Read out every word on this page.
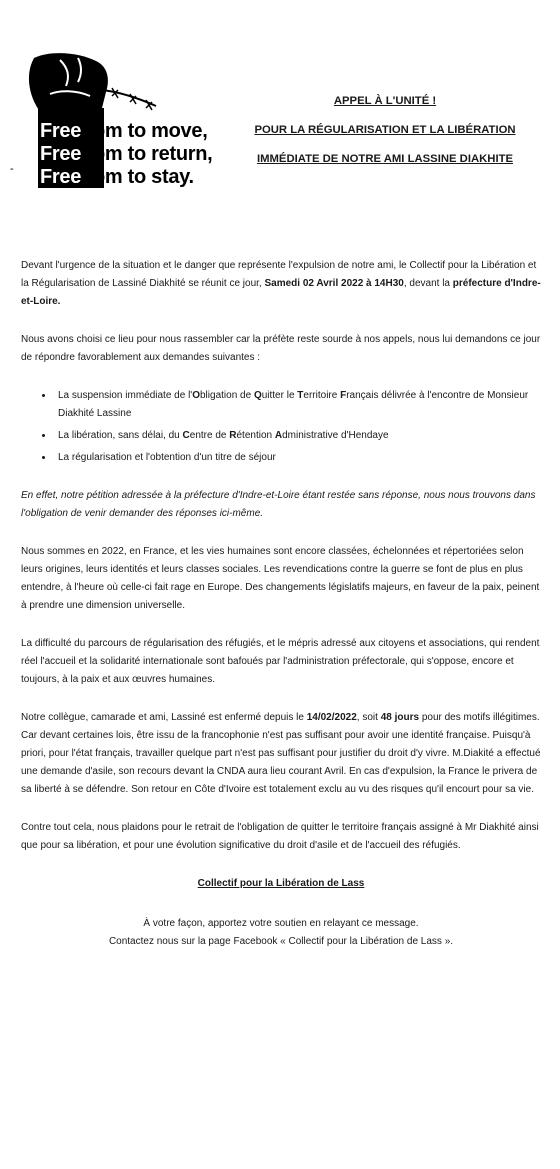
Freedom to move,
Freedom to return,
Freedom to stay.
-
APPEL À L'UNITÉ !
POUR LA RÉGULARISATION ET LA LIBÉRATION
IMMÉDIATE DE NOTRE AMI LASSINE DIAKHITE

Devant l'urgence de la situation et le danger que représente l'expulsion de notre ami, le Collectif pour la Libération et la Régularisation de Lassiné Diakhité se réunit ce jour, Samedi 02 Avril 2022 à 14H30, devant la préfecture d'Indre-et-Loire.

Nous avons choisi ce lieu pour nous rassembler car la préfète reste sourde à nos appels, nous lui demandons ce jour de répondre favorablement aux demandes suivantes :

• La suspension immédiate de l'Obligation de Quitter le Territoire Français délivrée à l'encontre de Monsieur Diakhité Lassine
• La libération, sans délai, du Centre de Rétention Administrative d'Hendaye
• La régularisation et l'obtention d'un titre de séjour

En effet, notre pétition adressée à la préfecture d'Indre-et-Loire étant restée sans réponse, nous nous trouvons dans l'obligation de venir demander des réponses ici-même.

Nous sommes en 2022, en France, et les vies humaines sont encore classées, échelonnées et répertoriées selon leurs origines, leurs identités et leurs classes sociales. Les revendications contre la guerre se font de plus en plus entendre, à l'heure où celle-ci fait rage en Europe. Des changements législatifs majeurs, en faveur de la paix, peinent à prendre une dimension universelle.

La difficulté du parcours de régularisation des réfugiés, et le mépris adressé aux citoyens et associations, qui rendent réel l'accueil et la solidarité internationale sont bafoués par l'administration préfectorale, qui s'oppose, encore et toujours, à la paix et aux œuvres humaines.

Notre collègue, camarade et ami, Lassiné est enfermé depuis le 14/02/2022, soit 48 jours pour des motifs illégitimes. Car devant certaines lois, être issu de la francophonie n'est pas suffisant pour avoir une identité française. Puisqu'à priori, pour l'état français, travailler quelque part n'est pas suffisant pour justifier du droit d'y vivre. M.Diakité a effectué une demande d'asile, son recours devant la CNDA aura lieu courant Avril. En cas d'expulsion, la France le privera de sa liberté à se défendre. Son retour en Côte d'Ivoire est totalement exclu au vu des risques qu'il encourt pour sa vie.

Contre tout cela, nous plaidons pour le retrait de l'obligation de quitter le territoire français assigné à Mr Diakhité ainsi que pour sa libération, et pour une évolution significative du droit d'asile et de l'accueil des réfugiés.

Collectif pour la Libération de Lass

À votre façon, apportez votre soutien en relayant ce message.
Contactez nous sur la page Facebook « Collectif pour la Libération de Lass ».
